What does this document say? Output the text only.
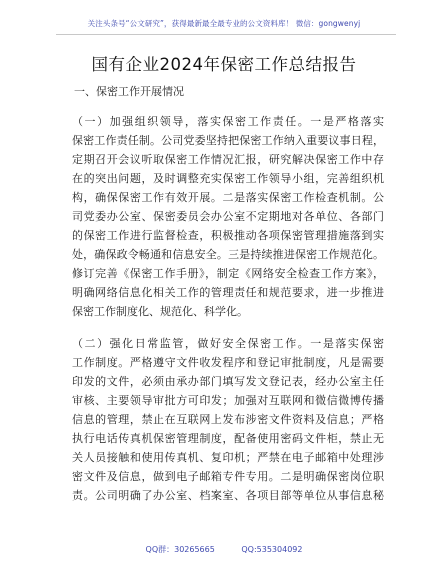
关注头条号“公文研究”，获得最新最全最专业的公文资料库！ 微信：gongwenyj
国有企业2024年保密工作总结报告
一、保密工作开展情况
（一）加强组织领导，落实保密工作责任。一是严格落实
保密工作责任制。公司党委坚持把保密工作纳入重要议事日程，
定期召开会议听取保密工作情况汇报，研究解决保密工作中存
在的突出问题，及时调整充实保密工作领导小组，完善组织机
构，确保保密工作有效开展。二是落实保密工作检查机制。公
司党委办公室、保密委员会办公室不定期地对各单位、各部门
的保密工作进行监督检查，积极推动各项保密管理措施落到实
处，确保政令畅通和信息安全。三是持续推进保密工作规范化。
修订完善《保密工作手册》，制定《网络安全检查工作方案》，
明确网络信息化相关工作的管理责任和规范要求，进一步推进
保密工作制度化、规范化、科学化。
（二）强化日常监管，做好安全保密工作。一是落实保密
工作制度。严格遵守文件收发程序和登记审批制度，凡是需要
印发的文件，必须由承办部门填写发文登记表，经办公室主任
审核、主要领导审批方可印发；加强对互联网和微信微博传播
信息的管理，禁止在互联网上发布涉密文件资料及信息；严格
执行电话传真机保密管理制度，配备使用密码文件柜，禁止无
关人员接触和使用传真机、复印机；严禁在电子邮箱中处理涉
密文件及信息，做到电子邮箱专件专用。二是明确保密岗位职
责。公司明确了办公室、档案室、各项目部等单位从事信息秘
QQ群：30265665	QQ:535304092
